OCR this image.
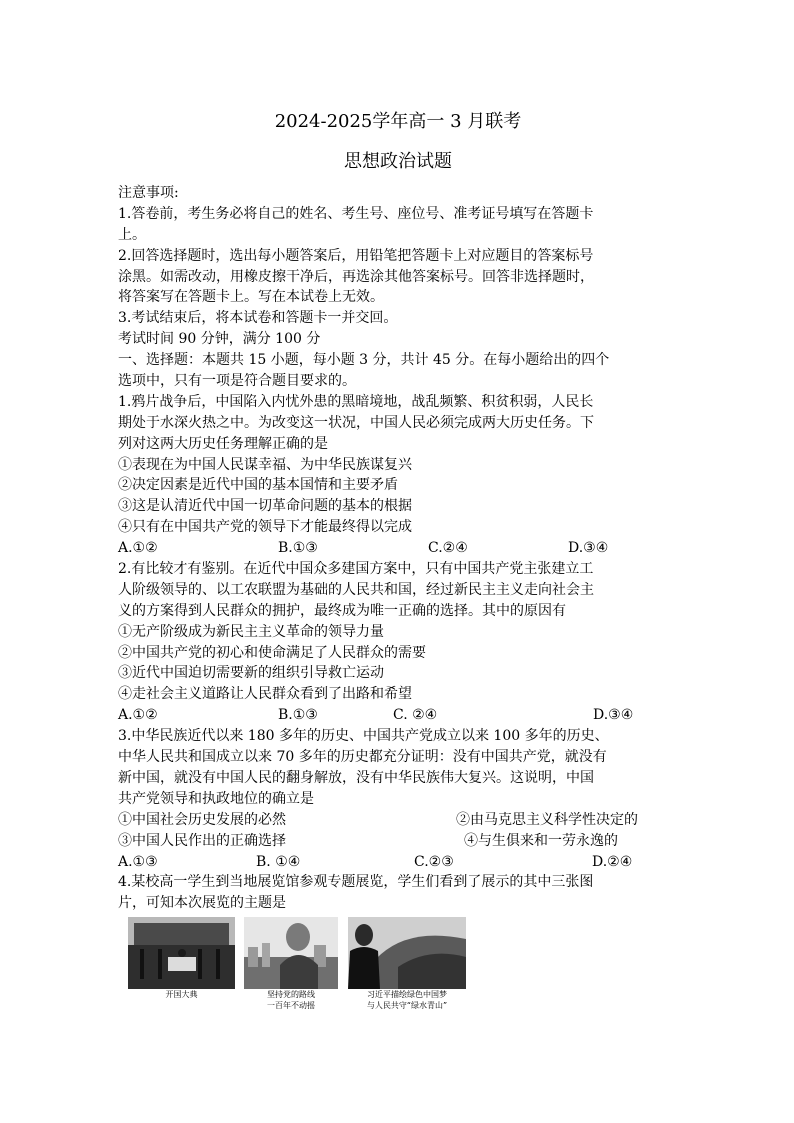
2024-2025学年高一 3 月联考
思想政治试题
注意事项:
1.答卷前，考生务必将自己的姓名、考生号、座位号、准考证号填写在答题卡
上。
2.回答选择题时，选出每小题答案后，用铅笔把答题卡上对应题目的答案标号
涂黑。如需改动，用橡皮擦干净后，再选涂其他答案标号。回答非选择题时，
将答案写在答题卡上。写在本试卷上无效。
3.考试结束后，将本试卷和答题卡一并交回。
考试时间 90 分钟，满分 100 分
一、选择题：本题共 15 小题，每小题 3 分，共计 45 分。在每小题给出的四个
选项中，只有一项是符合题目要求的。
1.鸦片战争后，中国陷入内忧外患的黑暗境地，战乱频繁、积贫积弱，人民长
期处于水深火热之中。为改变这一状况，中国人民必须完成两大历史任务。下
列对这两大历史任务理解正确的是
①表现在为中国人民谋幸福、为中华民族谋复兴
②决定因素是近代中国的基本国情和主要矛盾
③这是认清近代中国一切革命问题的基本的根据
④只有在中国共产党的领导下才能最终得以完成
A.①②	B.①③	C.②④	D.③④
2.有比较才有鉴别。在近代中国众多建国方案中，只有中国共产党主张建立工
人阶级领导的、以工农联盟为基础的人民共和国，经过新民主主义走向社会主
义的方案得到人民群众的拥护，最终成为唯一正确的选择。其中的原因有
①无产阶级成为新民主主义革命的领导力量
②中国共产党的初心和使命满足了人民群众的需要
③近代中国迫切需要新的组织引导救亡运动
④走社会主义道路让人民群众看到了出路和希望
A.①②	B.①③	C. ②④	D.③④
3.中华民族近代以来 180 多年的历史、中国共产党成立以来 100 多年的历史、
中华人民共和国成立以来 70 多年的历史都充分证明：没有中国共产党，就没有
新中国，就没有中国人民的翻身解放，没有中华民族伟大复兴。这说明，中国
共产党领导和执政地位的确立是
①中国社会历史发展的必然	②由马克思主义科学性决定的
③中国人民作出的正确选择	④与生俱来和一劳永逸的
A.①③	B. ①④	C.②③	D.②④
4.某校高一学生到当地展览馆参观专题展览，学生们看到了展示的其中三张图
片，可知本次展览的主题是
开国大典	坚持党的路线
一百年不动摇
习近平描绘绿色中国梦
与人民共守“绿水青山”
